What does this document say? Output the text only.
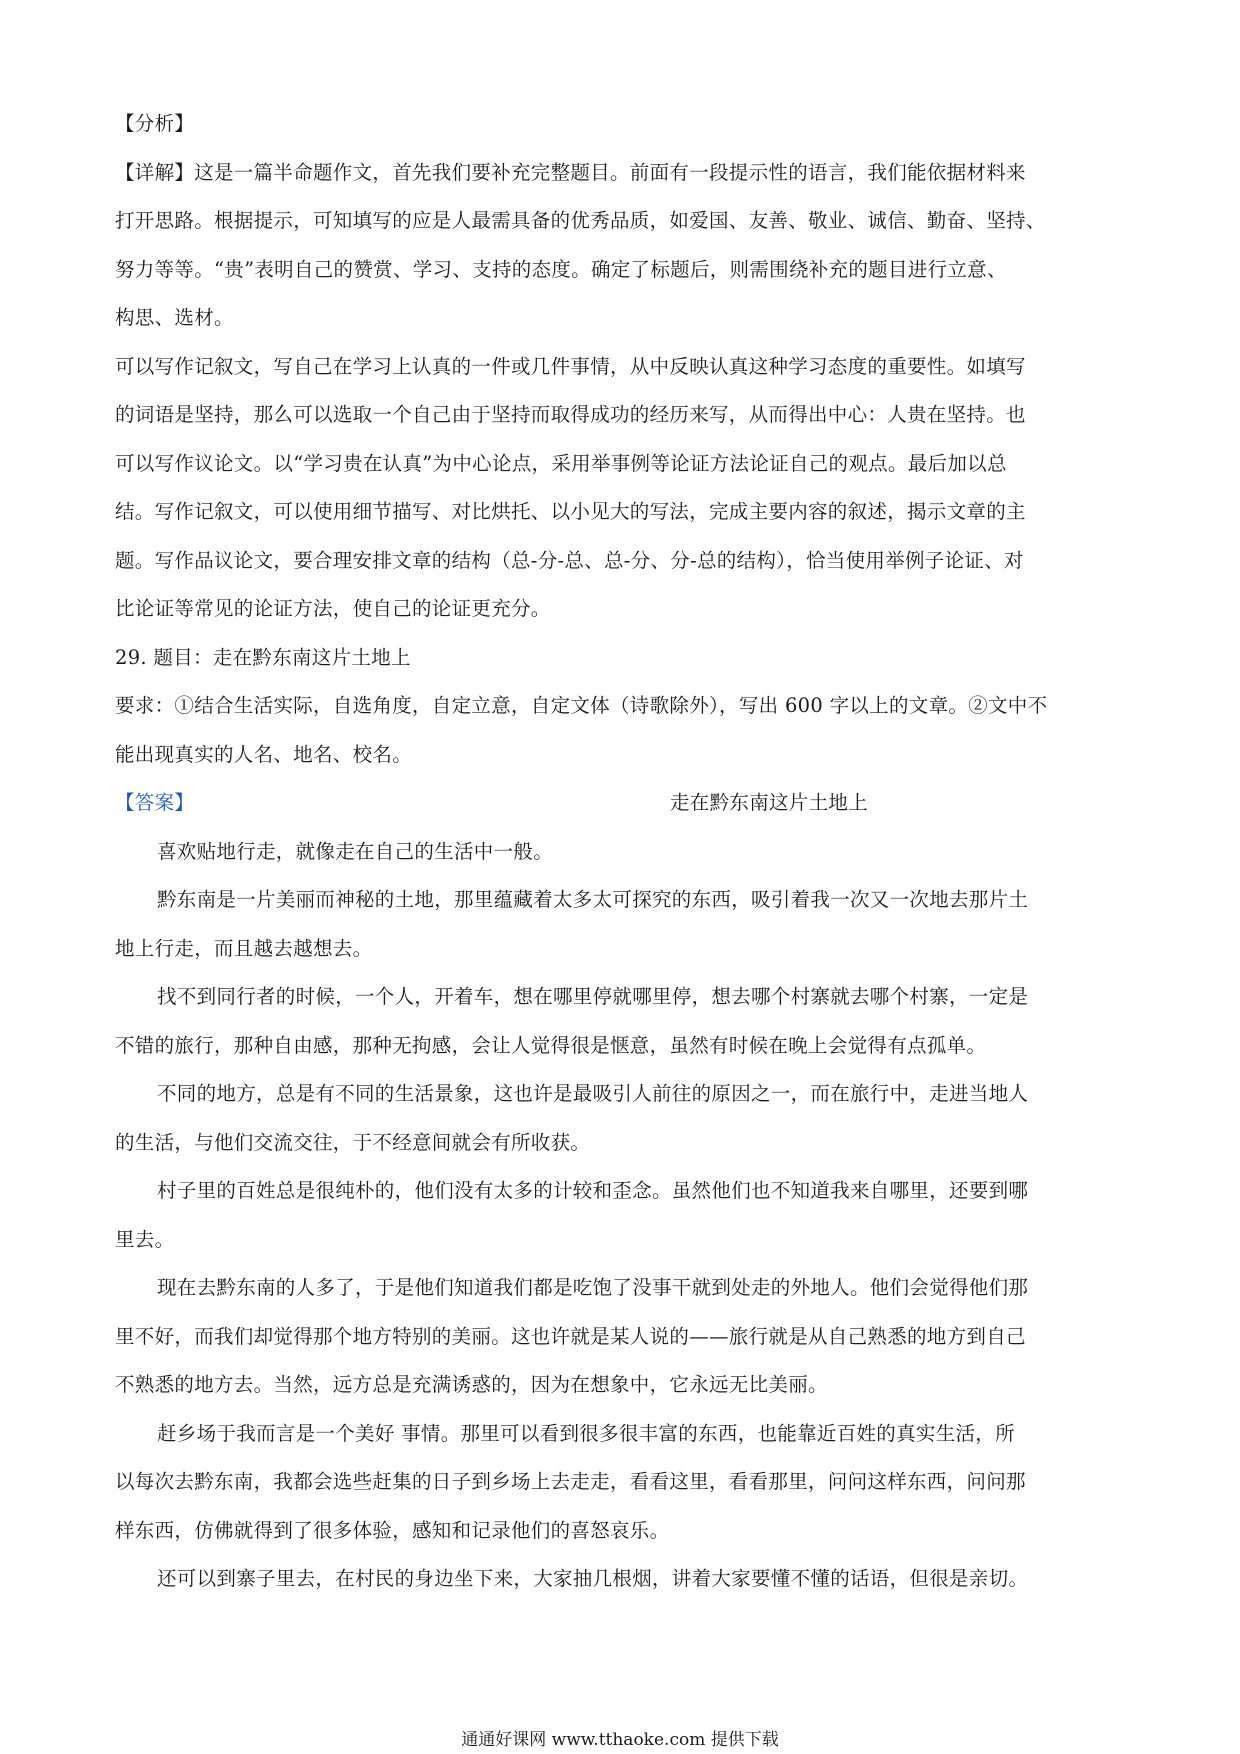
【分析】
【详解】这是一篇半命题作文，首先我们要补充完整题目。前面有一段提示性的语言，我们能依据材料来
打开思路。根据提示，可知填写的应是人最需具备的优秀品质，如爱国、友善、敬业、诚信、勤奋、坚持、
努力等等。“贵”表明自己的赞赏、学习、支持的态度。确定了标题后，则需围绕补充的题目进行立意、
构思、选材。
可以写作记叙文，写自己在学习上认真的一件或几件事情，从中反映认真这种学习态度的重要性。如填写
的词语是坚持，那么可以选取一个自己由于坚持而取得成功的经历来写，从而得出中心：人贵在坚持。也
可以写作议论文。以“学习贵在认真”为中心论点，采用举事例等论证方法论证自己的观点。最后加以总
结。写作记叙文，可以使用细节描写、对比烘托、以小见大的写法，完成主要内容的叙述，揭示文章的主
题。写作品议论文，要合理安排文章的结构（总-分-总、总-分、分-总的结构），恰当使用举例子论证、对
比论证等常见的论证方法，使自己的论证更充分。
29. 题目：走在黔东南这片土地上
要求：①结合生活实际，自选角度，自定立意，自定文体（诗歌除外），写出 600 字以上的文章。②文中不
能出现真实的人名、地名、校名。
【答案】	走在黔东南这片土地上
喜欢贴地行走，就像走在自己的生活中一般。
黔东南是一片美丽而神秘的土地，那里蕴藏着太多太可探究的东西，吸引着我一次又一次地去那片土
地上行走，而且越去越想去。
找不到同行者的时候，一个人，开着车，想在哪里停就哪里停，想去哪个村寨就去哪个村寨，一定是
不错的旅行，那种自由感，那种无拘感，会让人觉得很是惬意，虽然有时候在晚上会觉得有点孤单。
不同的地方，总是有不同的生活景象，这也许是最吸引人前往的原因之一，而在旅行中，走进当地人
的生活，与他们交流交往，于不经意间就会有所收获。
村子里的百姓总是很纯朴的，他们没有太多的计较和歪念。虽然他们也不知道我来自哪里，还要到哪
里去。
现在去黔东南的人多了，于是他们知道我们都是吃饱了没事干就到处走的外地人。他们会觉得他们那
里不好，而我们却觉得那个地方特别的美丽。这也许就是某人说的——旅行就是从自己熟悉的地方到自己
不熟悉的地方去。当然，远方总是充满诱惑的，因为在想象中，它永远无比美丽。
赶乡场于我而言是一个美好 事情。那里可以看到很多很丰富的东西，也能靠近百姓的真实生活，所
以每次去黔东南，我都会选些赶集的日子到乡场上去走走，看看这里，看看那里，问问这样东西，问问那
样东西，仿佛就得到了很多体验，感知和记录他们的喜怒哀乐。
还可以到寨子里去，在村民的身边坐下来，大家抽几根烟，讲着大家要懂不懂的话语，但很是亲切。
通通好课网 www.tthaoke.com 提供下载
